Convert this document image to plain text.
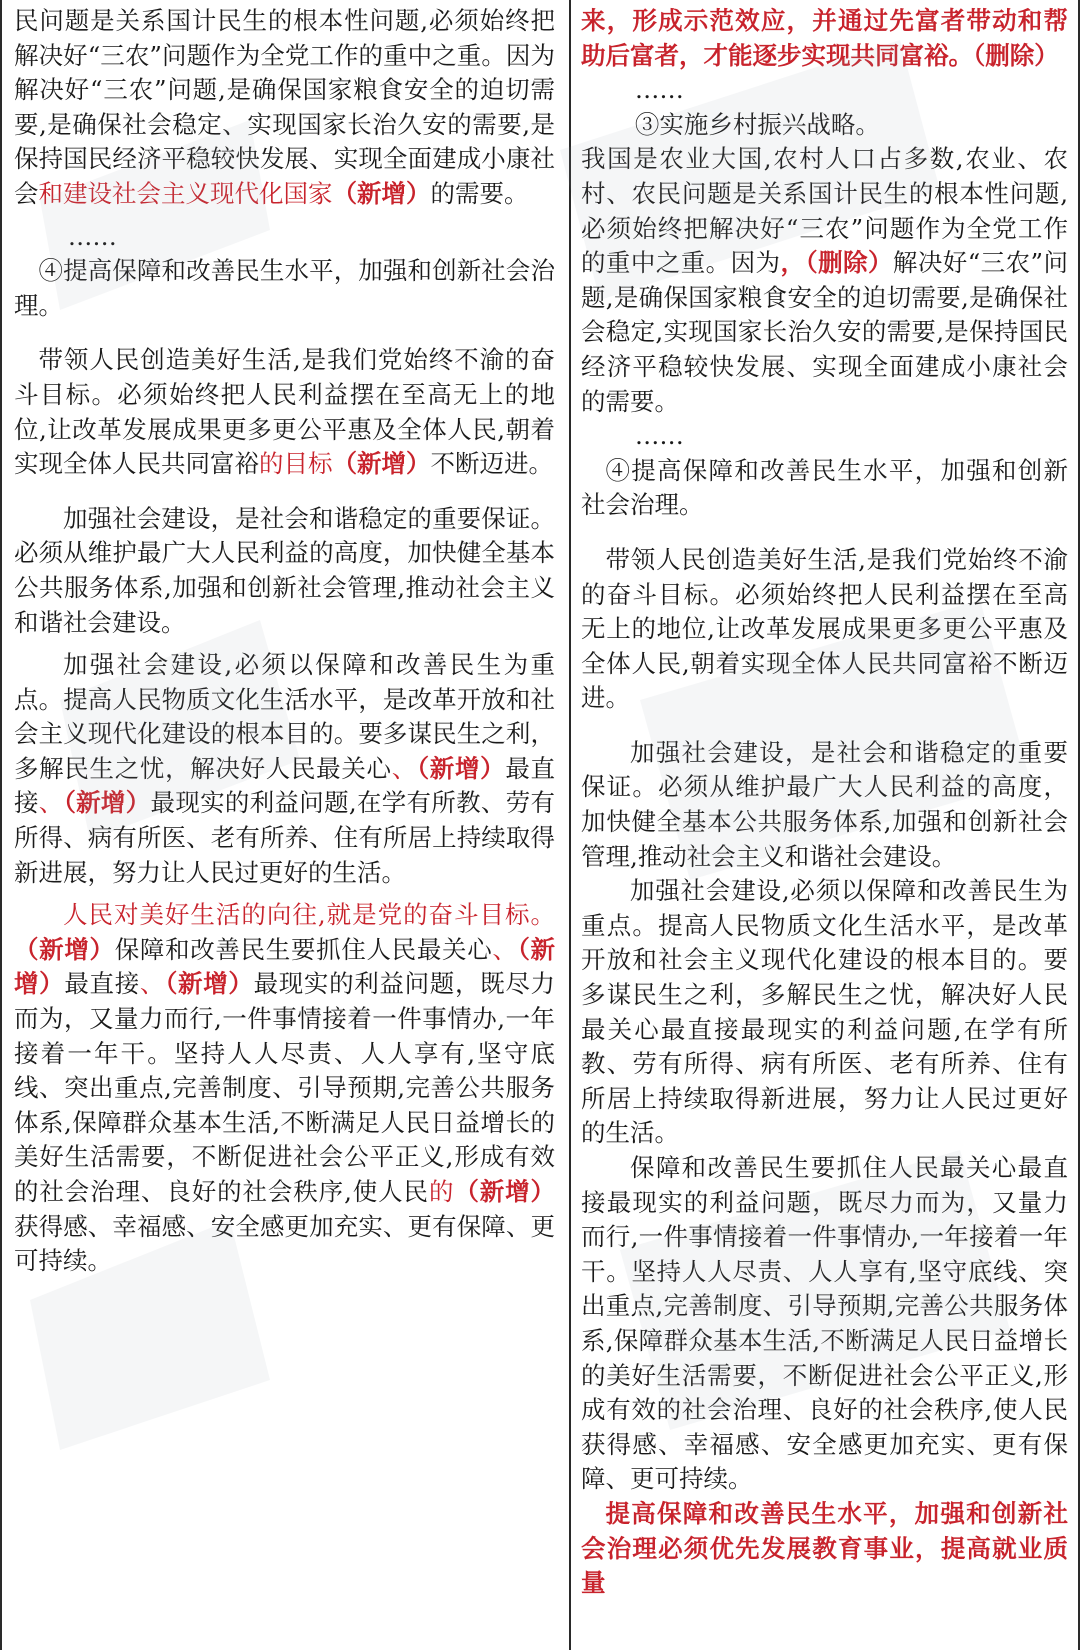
民问题是关系国计民生的根本性问题,必须始终把解决好“三农”问题作为全党工作的重中之重。因为解决好“三农”问题,是确保国家粮食安全的迫切需要,是确保社会稳定、实现国家长治久安的需要,是保持国民经济平稳较快发展、实现全面建成小康社会和建设社会主义现代化国家（新增）的需要。

……

④提高保障和改善民生水平，加强和创新社会治理。

带领人民创造美好生活,是我们党始终不渝的奋斗目标。必须始终把人民利益摆在至高无上的地位,让改革发展成果更多更公平惠及全体人民,朝着实现全体人民共同富裕的目标（新增）不断迈进。

加强社会建设，是社会和谐稳定的重要保证。必须从维护最广大人民利益的高度，加快健全基本公共服务体系,加强和创新社会管理,推动社会主义和谐社会建设。

加强社会建设,必须以保障和改善民生为重点。提高人民物质文化生活水平，是改革开放和社会主义现代化建设的根本目的。要多谋民生之利，多解民生之忧，解决好人民最关心、（新增）最直接、（新增）最现实的利益问题,在学有所教、劳有所得、病有所医、老有所养、住有所居上持续取得新进展，努力让人民过更好的生活。

人民对美好生活的向往,就是党的奋斗目标。（新增）保障和改善民生要抓住人民最关心、（新增）最直接、（新增）最现实的利益问题，既尽力而为，又量力而行,一件事情接着一件事情办,一年接着一年干。坚持人人尽责、人人享有,坚守底线、突出重点,完善制度、引导预期,完善公共服务体系,保障群众基本生活,不断满足人民日益增长的美好生活需要，不断促进社会公平正义,形成有效的社会治理、良好的社会秩序,使人民的（新增）获得感、幸福感、安全感更加充实、更有保障、更可持续。

来，形成示范效应，并通过先富者带动和帮助后富者，才能逐步实现共同富裕。（删除）

……

③实施乡村振兴战略。

我国是农业大国,农村人口占多数,农业、农村、农民问题是关系国计民生的根本性问题,必须始终把解决好“三农”问题作为全党工作的重中之重。因为，（删除）解决好“三农”问题,是确保国家粮食安全的迫切需要,是确保社会稳定,实现国家长治久安的需要,是保持国民经济平稳较快发展、实现全面建成小康社会的需要。

……

④提高保障和改善民生水平，加强和创新社会治理。

带领人民创造美好生活,是我们党始终不渝的奋斗目标。必须始终把人民利益摆在至高无上的地位,让改革发展成果更多更公平惠及全体人民,朝着实现全体人民共同富裕不断迈进。

加强社会建设，是社会和谐稳定的重要保证。必须从维护最广大人民利益的高度，加快健全基本公共服务体系,加强和创新社会管理,推动社会主义和谐社会建设。

加强社会建设,必须以保障和改善民生为重点。提高人民物质文化生活水平，是改革开放和社会主义现代化建设的根本目的。要多谋民生之利，多解民生之忧，解决好人民最关心最直接最现实的利益问题,在学有所教、劳有所得、病有所医、老有所养、住有所居上持续取得新进展，努力让人民过更好的生活。

保障和改善民生要抓住人民最关心最直接最现实的利益问题，既尽力而为，又量力而行,一件事情接着一件事情办,一年接着一年干。坚持人人尽责、人人享有,坚守底线、突出重点,完善制度、引导预期,完善公共服务体系,保障群众基本生活,不断满足人民日益增长的美好生活需要，不断促进社会公平正义,形成有效的社会治理、良好的社会秩序,使人民获得感、幸福感、安全感更加充实、更有保障、更可持续。

提高保障和改善民生水平，加强和创新社会治理必须优先发展教育事业，提高就业质量
